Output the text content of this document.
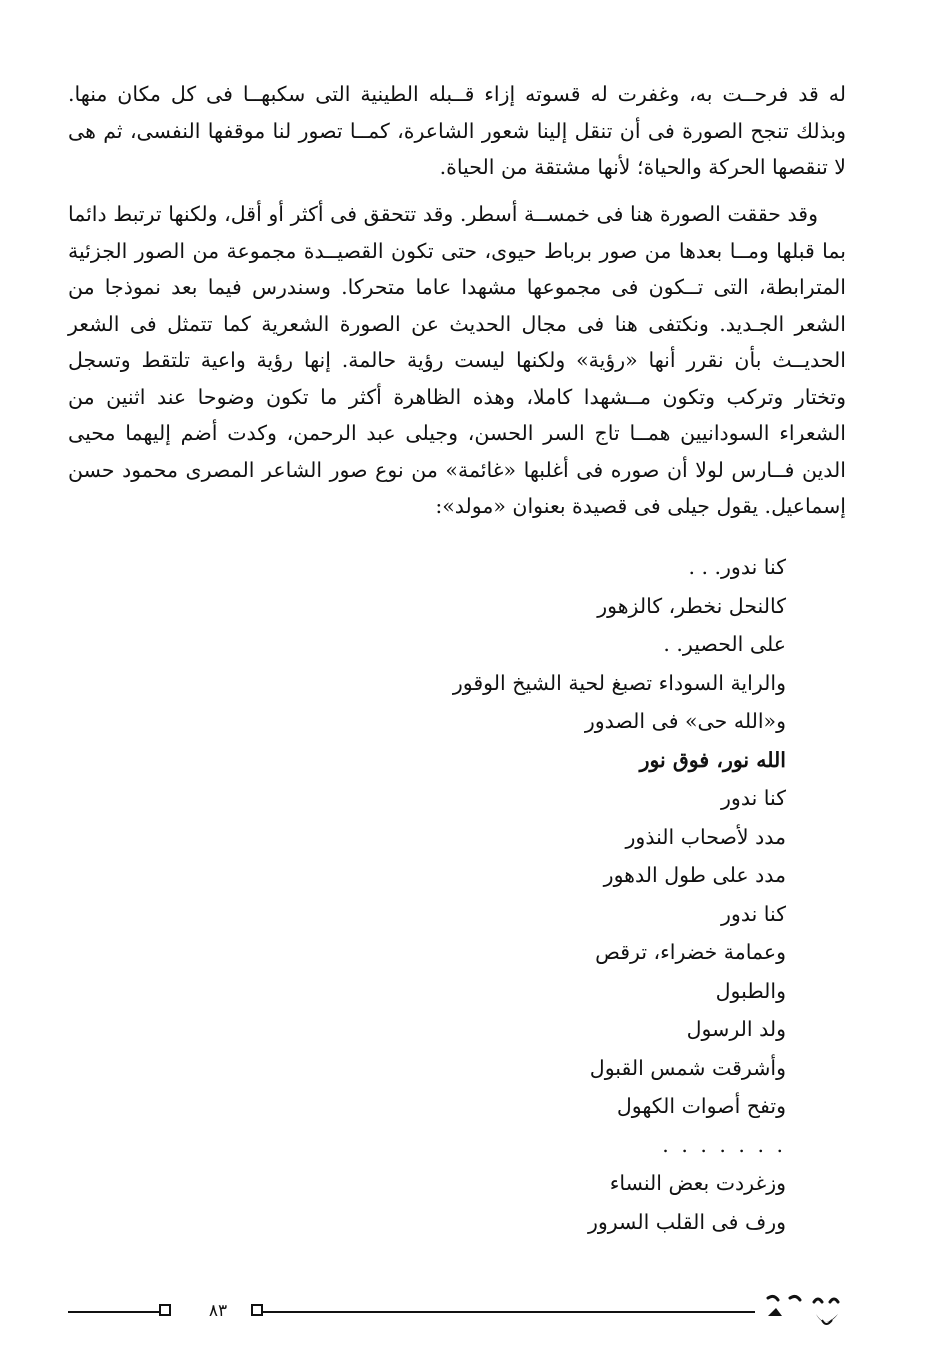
له قد فرحــت به، وغفرت له قسوته إزاء قــبله الطينية التى سكبهــا فى كل مكان منها. وبذلك تنجح الصورة فى أن تنقل إلينا شعور الشاعرة، كمــا تصور لنا موقفها النفسى، ثم هى لا تنقصها الحركة والحياة؛ لأنها مشتقة من الحياة.

وقد حققت الصورة هنا فى خمســة أسطر. وقد تتحقق فى أكثر أو أقل، ولكنها ترتبط دائما بما قبلها ومــا بعدها من صور برباط حيوى، حتى تكون القصيــدة مجموعة من الصور الجزئية المترابطة، التى تــكون فى مجموعها مشهدا عاما متحركا. وسندرس فيما بعد نموذجا من الشعر الجـديد. ونكتفى هنا فى مجال الحديث عن الصورة الشعرية كما تتمثل فى الشعر الحديــث بأن نقرر أنها «رؤية» ولكنها ليست رؤية حالمة. إنها رؤية واعية تلتقط وتسجل وتختار وتركب وتكون مــشهدا كاملا، وهذه الظاهرة أكثر ما تكون وضوحا عند اثنين من الشعراء السودانيين همــا تاج السر الحسن، وجيلى عبد الرحمن، وكدت أضم إليهما محيى الدين فــارس لولا أن صوره فى أغلبها «غائمة» من نوع صور الشاعر المصرى محمود حسن إسماعيل. يقول جيلى فى قصيدة بعنوان «مولد»:

كنا ندور. . .
كالنحل نخطر، كالزهور
على الحصير. .
والراية السوداء تصبغ لحية الشيخ الوقور
و«الله حى» فى الصدور
الله نور، فوق نور
كنا ندور
مدد لأصحاب النذور
مدد على طول الدهور
كنا ندور
وعمامة خضراء، ترقص
والطبول
ولد الرسول
وأشرقت شمس القبول
وتفح أصوات الكهول
. . . . . . .
وزغردت بعض النساء
ورف فى القلب السرور
٨٣
